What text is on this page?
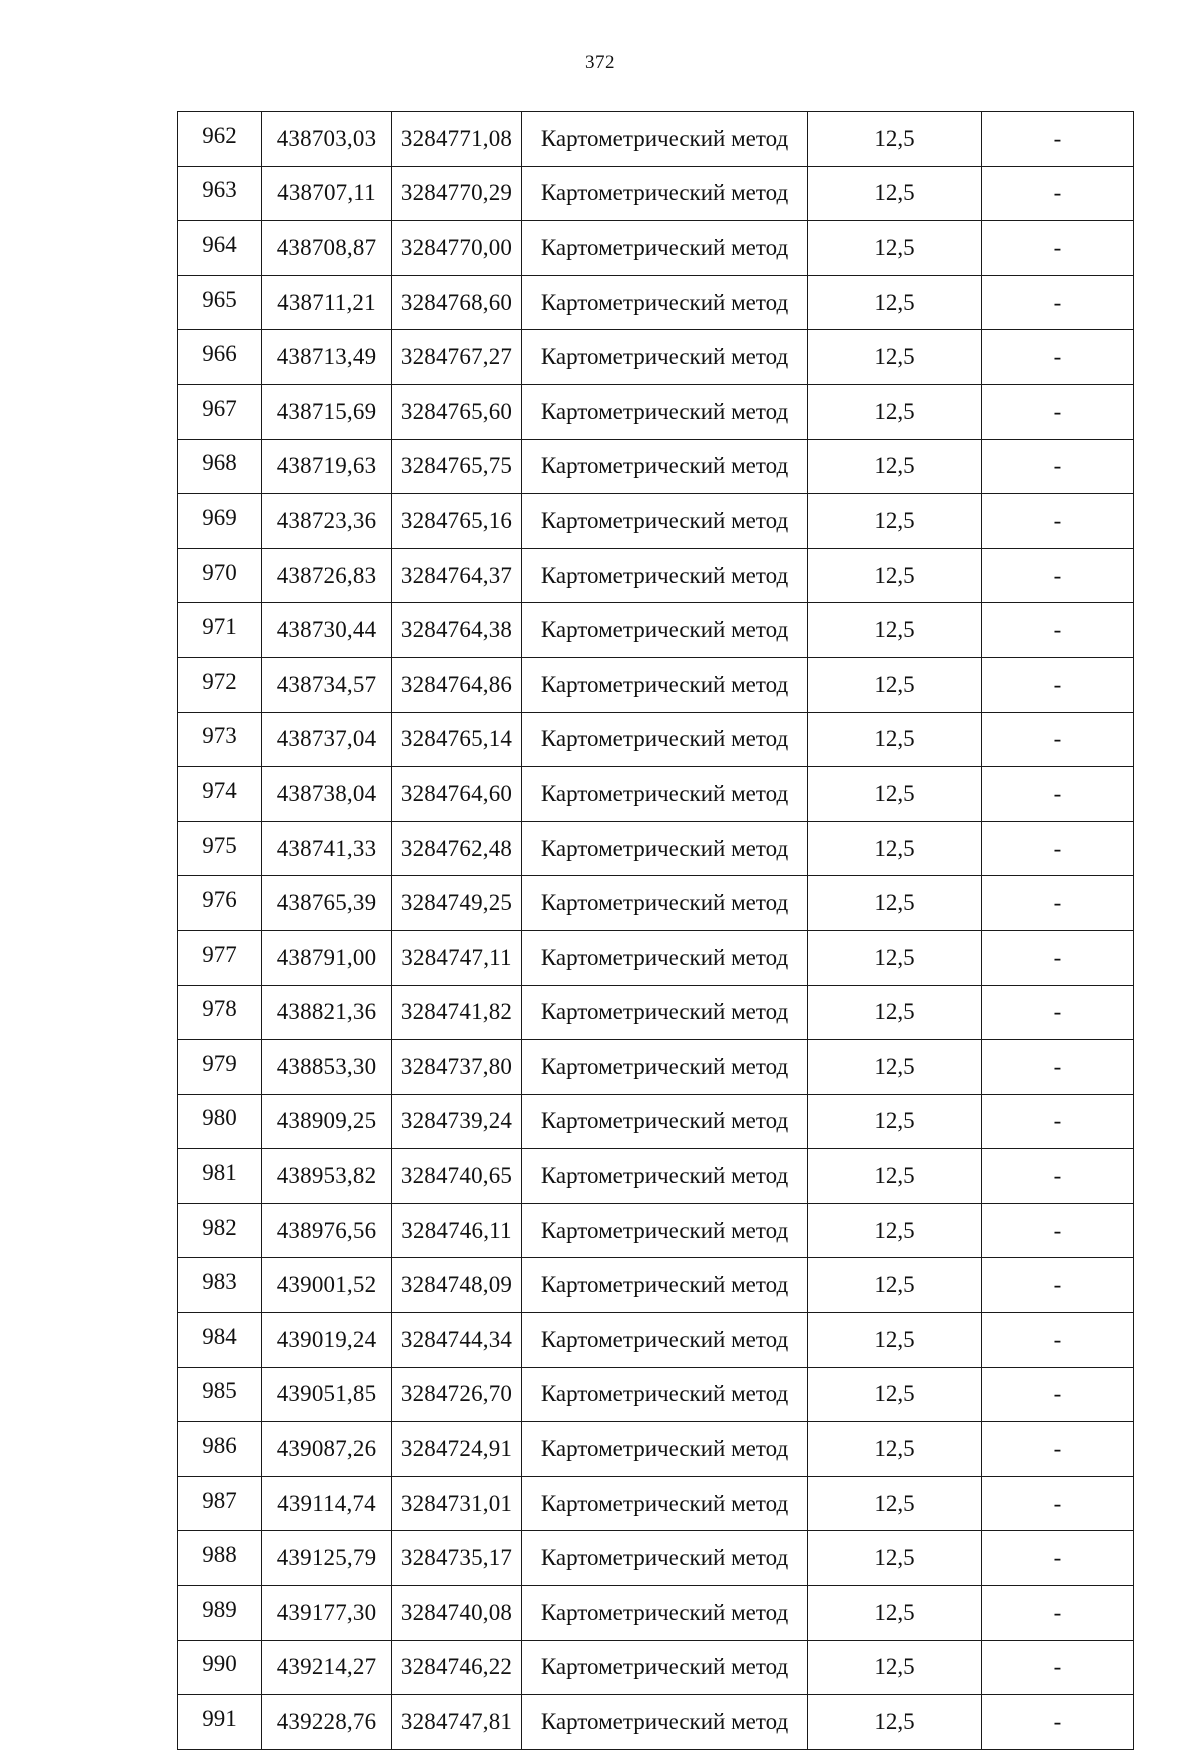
372
962	438703,03	3284771,08	Картометрический метод	12,5	-
963	438707,11	3284770,29	Картометрический метод	12,5	-
964	438708,87	3284770,00	Картометрический метод	12,5	-
965	438711,21	3284768,60	Картометрический метод	12,5	-
966	438713,49	3284767,27	Картометрический метод	12,5	-
967	438715,69	3284765,60	Картометрический метод	12,5	-
968	438719,63	3284765,75	Картометрический метод	12,5	-
969	438723,36	3284765,16	Картометрический метод	12,5	-
970	438726,83	3284764,37	Картометрический метод	12,5	-
971	438730,44	3284764,38	Картометрический метод	12,5	-
972	438734,57	3284764,86	Картометрический метод	12,5	-
973	438737,04	3284765,14	Картометрический метод	12,5	-
974	438738,04	3284764,60	Картометрический метод	12,5	-
975	438741,33	3284762,48	Картометрический метод	12,5	-
976	438765,39	3284749,25	Картометрический метод	12,5	-
977	438791,00	3284747,11	Картометрический метод	12,5	-
978	438821,36	3284741,82	Картометрический метод	12,5	-
979	438853,30	3284737,80	Картометрический метод	12,5	-
980	438909,25	3284739,24	Картометрический метод	12,5	-
981	438953,82	3284740,65	Картометрический метод	12,5	-
982	438976,56	3284746,11	Картометрический метод	12,5	-
983	439001,52	3284748,09	Картометрический метод	12,5	-
984	439019,24	3284744,34	Картометрический метод	12,5	-
985	439051,85	3284726,70	Картометрический метод	12,5	-
986	439087,26	3284724,91	Картометрический метод	12,5	-
987	439114,74	3284731,01	Картометрический метод	12,5	-
988	439125,79	3284735,17	Картометрический метод	12,5	-
989	439177,30	3284740,08	Картометрический метод	12,5	-
990	439214,27	3284746,22	Картометрический метод	12,5	-
991	439228,76	3284747,81	Картометрический метод	12,5	-
